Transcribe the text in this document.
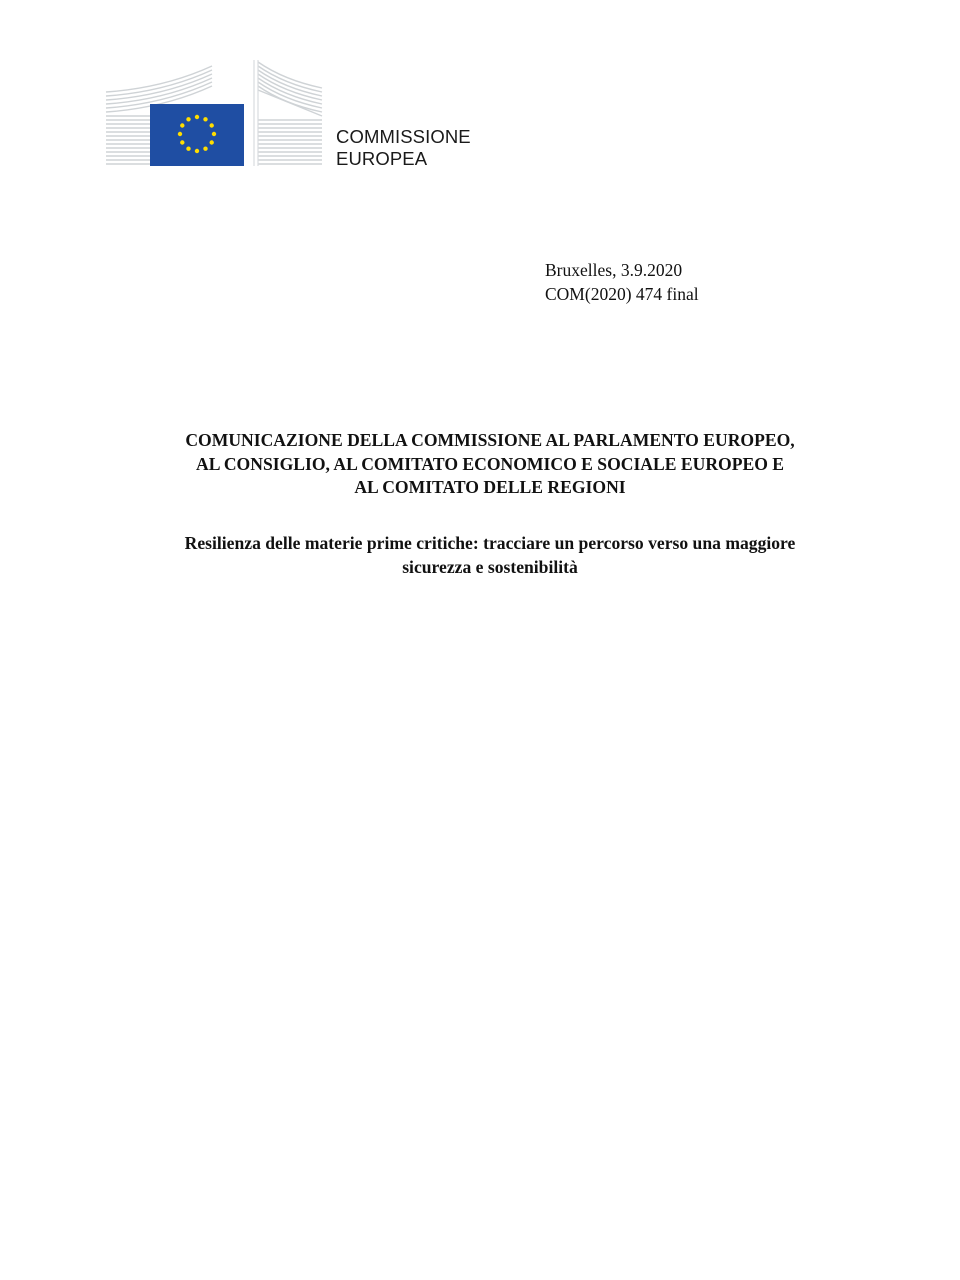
COMMISSIONE
EUROPEA
Bruxelles, 3.9.2020
COM(2020) 474 final
COMUNICAZIONE DELLA COMMISSIONE AL PARLAMENTO EUROPEO,
AL CONSIGLIO, AL COMITATO ECONOMICO E SOCIALE EUROPEO E
AL COMITATO DELLE REGIONI
Resilienza delle materie prime critiche: tracciare un percorso verso una maggiore
sicurezza e sostenibilità
